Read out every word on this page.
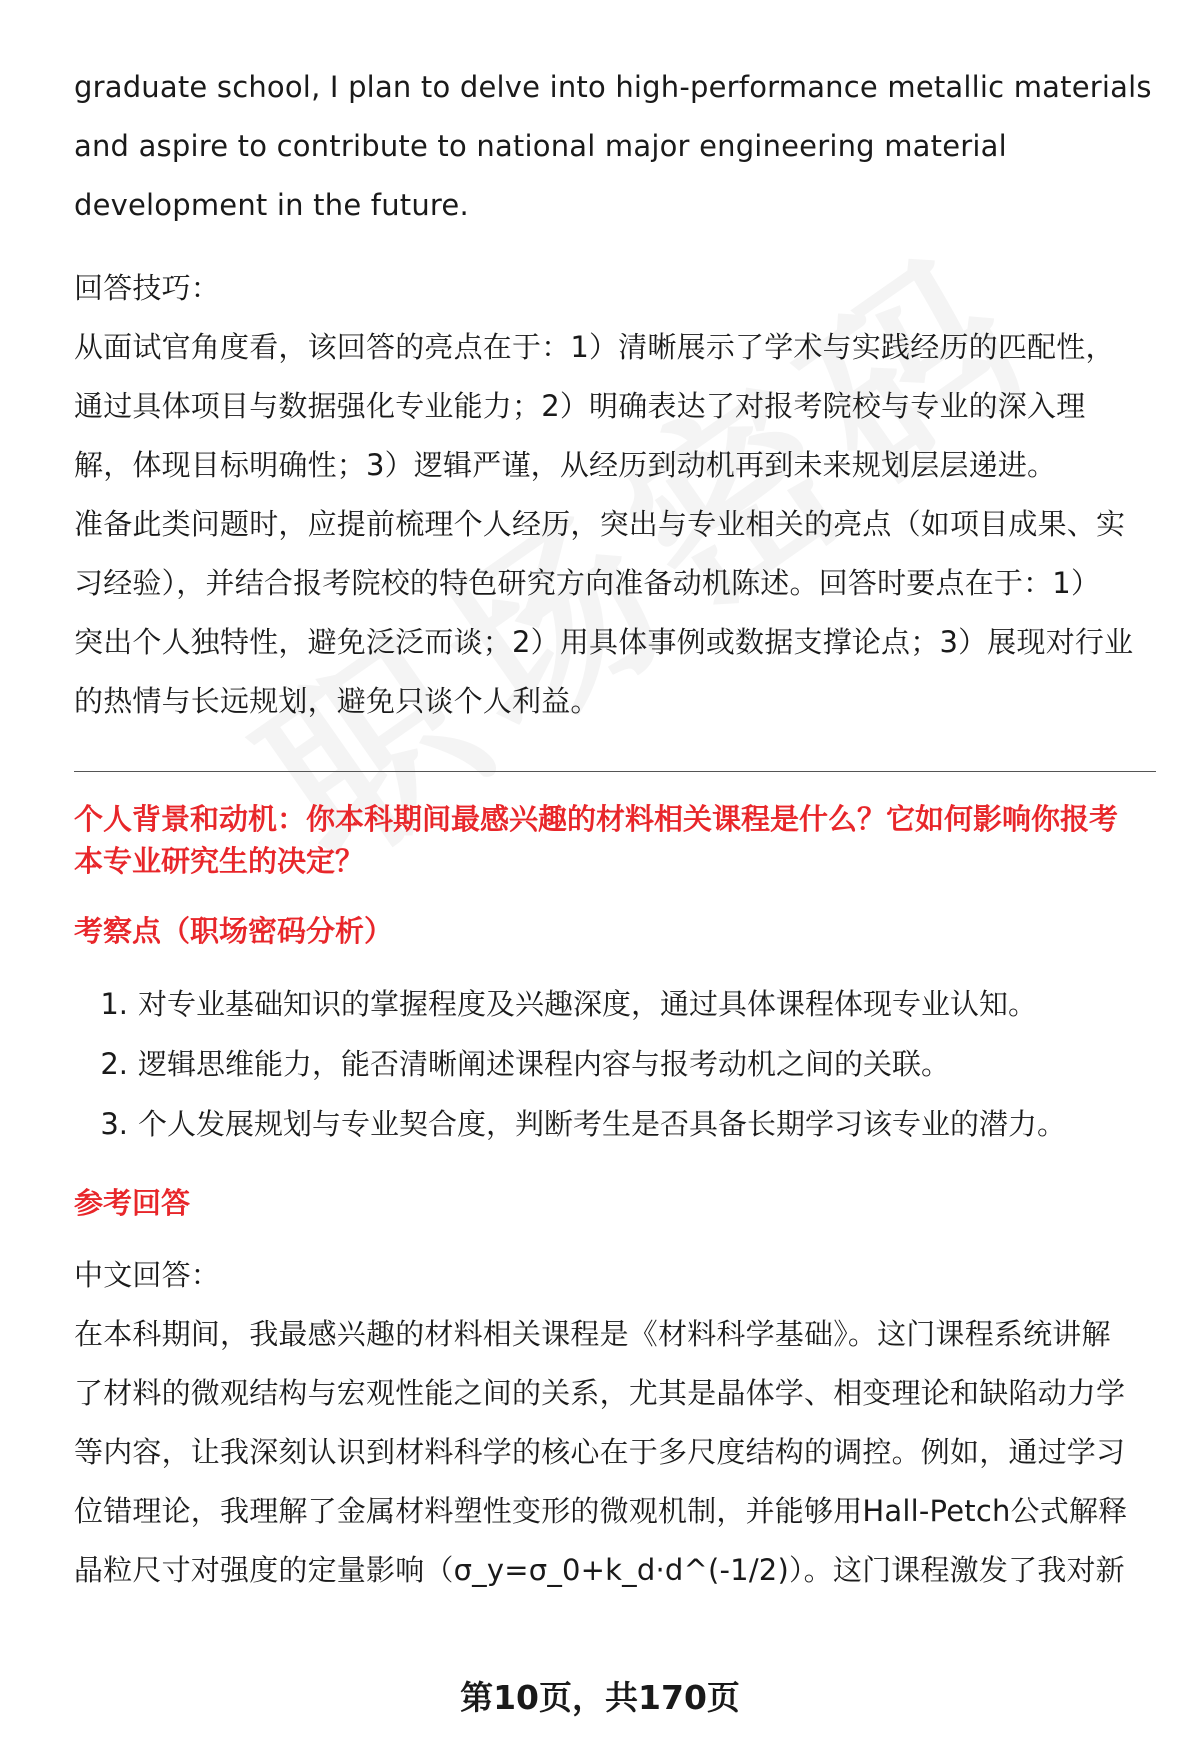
graduate school, I plan to delve into high-performance metallic materials

and aspire to contribute to national major engineering material

development in the future.

回答技巧：

从面试官角度看，该回答的亮点在于：1）清晰展示了学术与实践经历的匹配性，

通过具体项目与数据强化专业能力；2）明确表达了对报考院校与专业的深入理

解，体现目标明确性；3）逻辑严谨，从经历到动机再到未来规划层层递进。

准备此类问题时，应提前梳理个人经历，突出与专业相关的亮点（如项目成果、实

习经验），并结合报考院校的特色研究方向准备动机陈述。回答时要点在于：1）

突出个人独特性，避免泛泛而谈；2）用具体事例或数据支撑论点；3）展现对行业

的热情与长远规划，避免只谈个人利益。

个人背景和动机：你本科期间最感兴趣的材料相关课程是什么？它如何影响你报考

本专业研究生的决定？

考察点（职场密码分析）

1. 对专业基础知识的掌握程度及兴趣深度，通过具体课程体现专业认知。
2. 逻辑思维能力，能否清晰阐述课程内容与报考动机之间的关联。
3. 个人发展规划与专业契合度，判断考生是否具备长期学习该专业的潜力。

参考回答

中文回答：

在本科期间，我最感兴趣的材料相关课程是《材料科学基础》。这门课程系统讲解

了材料的微观结构与宏观性能之间的关系，尤其是晶体学、相变理论和缺陷动力学

等内容，让我深刻认识到材料科学的核心在于多尺度结构的调控。例如，通过学习

位错理论，我理解了金属材料塑性变形的微观机制，并能够用Hall-Petch公式解释

晶粒尺寸对强度的定量影响（σ_y=σ_0+k_d·d^(-1/2)）。这门课程激发了我对新

第10页，共170页
